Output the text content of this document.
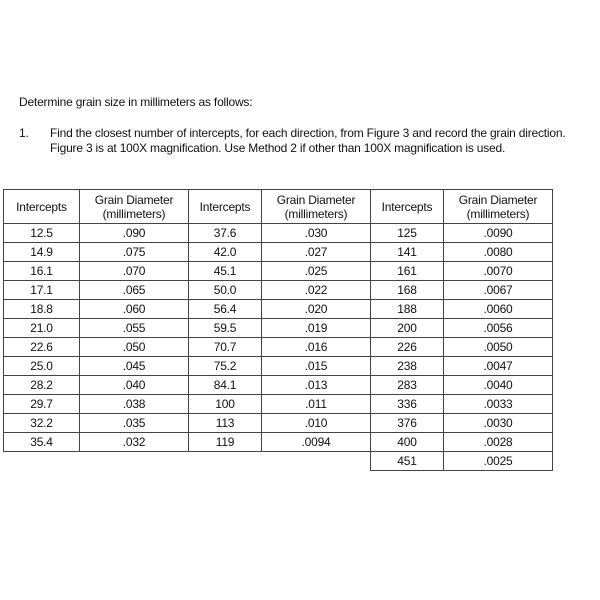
Determine grain size in millimeters as follows:
1. Find the closest number of intercepts, for each direction, from Figure 3 and record the grain direction. Figure 3 is at 100X magnification. Use Method 2 if other than 100X magnification is used.
Intercepts	Grain Diameter (millimeters)	Intercepts	Grain Diameter (millimeters)	Intercepts	Grain Diameter (millimeters)
12.5	.090	37.6	.030	125	.0090
14.9	.075	42.0	.027	141	.0080
16.1	.070	45.1	.025	161	.0070
17.1	.065	50.0	.022	168	.0067
18.8	.060	56.4	.020	188	.0060
21.0	.055	59.5	.019	200	.0056
22.6	.050	70.7	.016	226	.0050
25.0	.045	75.2	.015	238	.0047
28.2	.040	84.1	.013	283	.0040
29.7	.038	100	.011	336	.0033
32.2	.035	113	.010	376	.0030
35.4	.032	119	.0094	400	.0028
				451	.0025
